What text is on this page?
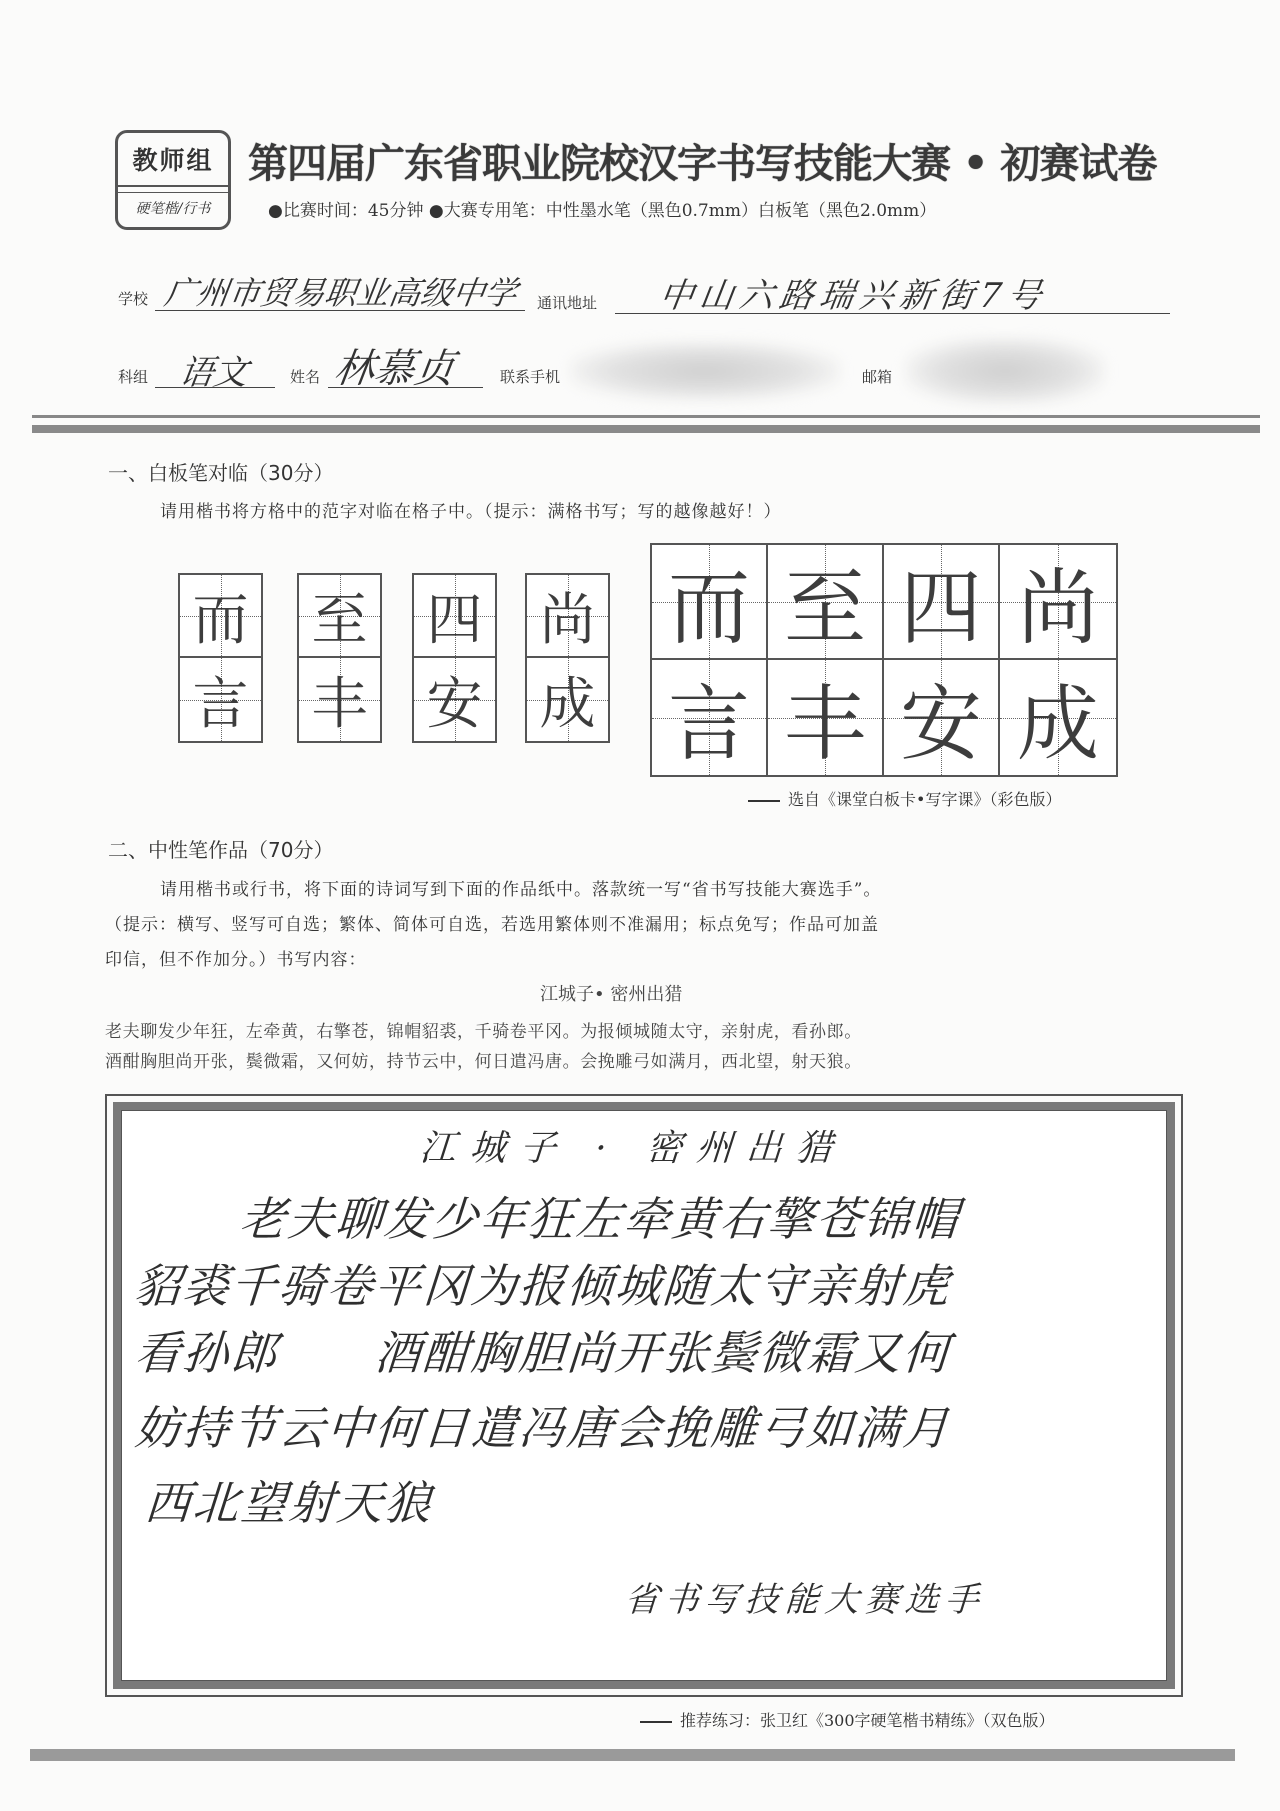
教师组
硬笔楷/行书
第四届广东省职业院校汉字书写技能大赛 • 初赛试卷
●比赛时间：45分钟 ●大赛专用笔：中性墨水笔（黑色0.7mm）白板笔（黑色2.0mm）
学校 广州市贸易职业高级中学 通讯地址 中山六路瑞兴新街7号
科组 语文	姓名 林慕贞	联系手机	邮箱
一、白板笔对临（30分）
请用楷书将方格中的范字对临在格子中。（提示：满格书写；写的越像越好！）
而
言
至
丰
四
安
尚
成
而 至 四 尚
言 丰 安 成
选自《课堂白板卡•写字课》（彩色版）
二、中性笔作品（70分）
请用楷书或行书，将下面的诗词写到下面的作品纸中。落款统一写“省书写技能大赛选手”。
（提示：横写、竖写可自选；繁体、简体可自选，若选用繁体则不准漏用；标点免写；作品可加盖
印信，但不作加分。）书写内容：
江城子• 密州出猎
老夫聊发少年狂，左牵黄，右擎苍，锦帽貂裘，千骑卷平冈。为报倾城随太守，亲射虎，看孙郎。
酒酣胸胆尚开张，鬓微霜，又何妨，持节云中，何日遣冯唐。会挽雕弓如满月，西北望，射天狼。
江城子 · 密州出猎
老夫聊发少年狂左牵黄右擎苍锦帽
貂裘千骑卷平冈为报倾城随太守亲射虎
看孙郎　　酒酣胸胆尚开张鬓微霜又何
妨持节云中何日遣冯唐会挽雕弓如满月
西北望射天狼
省书写技能大赛选手
推荐练习：张卫红《300字硬笔楷书精练》（双色版）
